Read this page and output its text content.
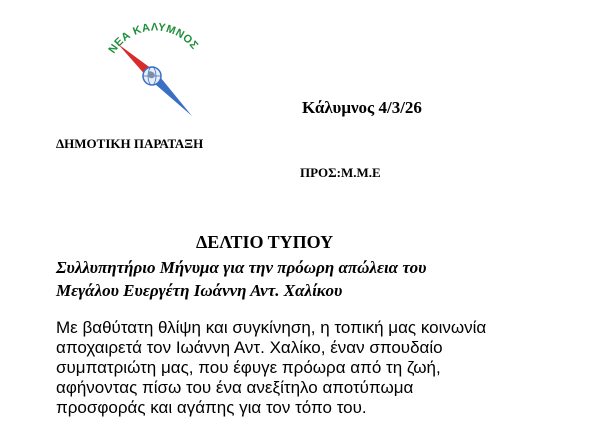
ΝΕΑ ΚΑΛΥΜΝΟΣ
Κάλυμνος 4/3/26
ΔΗΜΟΤΙΚΗ ΠΑΡΑΤΑΞΗ
ΠΡΟΣ:Μ.Μ.Ε
ΔΕΛΤΙΟ ΤΥΠΟΥ
Συλλυπητήριο Μήνυμα για την πρόωρη απώλεια του
Μεγάλου Ευεργέτη Ιωάννη Αντ. Χαλίκου
Με βαθύτατη θλίψη και συγκίνηση, η τοπική μας κοινωνία
αποχαιρετά τον Ιωάννη Αντ. Χαλίκο, έναν σπουδαίο
συμπατριώτη μας, που έφυγε πρόωρα από τη ζωή,
αφήνοντας πίσω του ένα ανεξίτηλο αποτύπωμα
προσφοράς και αγάπης για τον τόπο του.
